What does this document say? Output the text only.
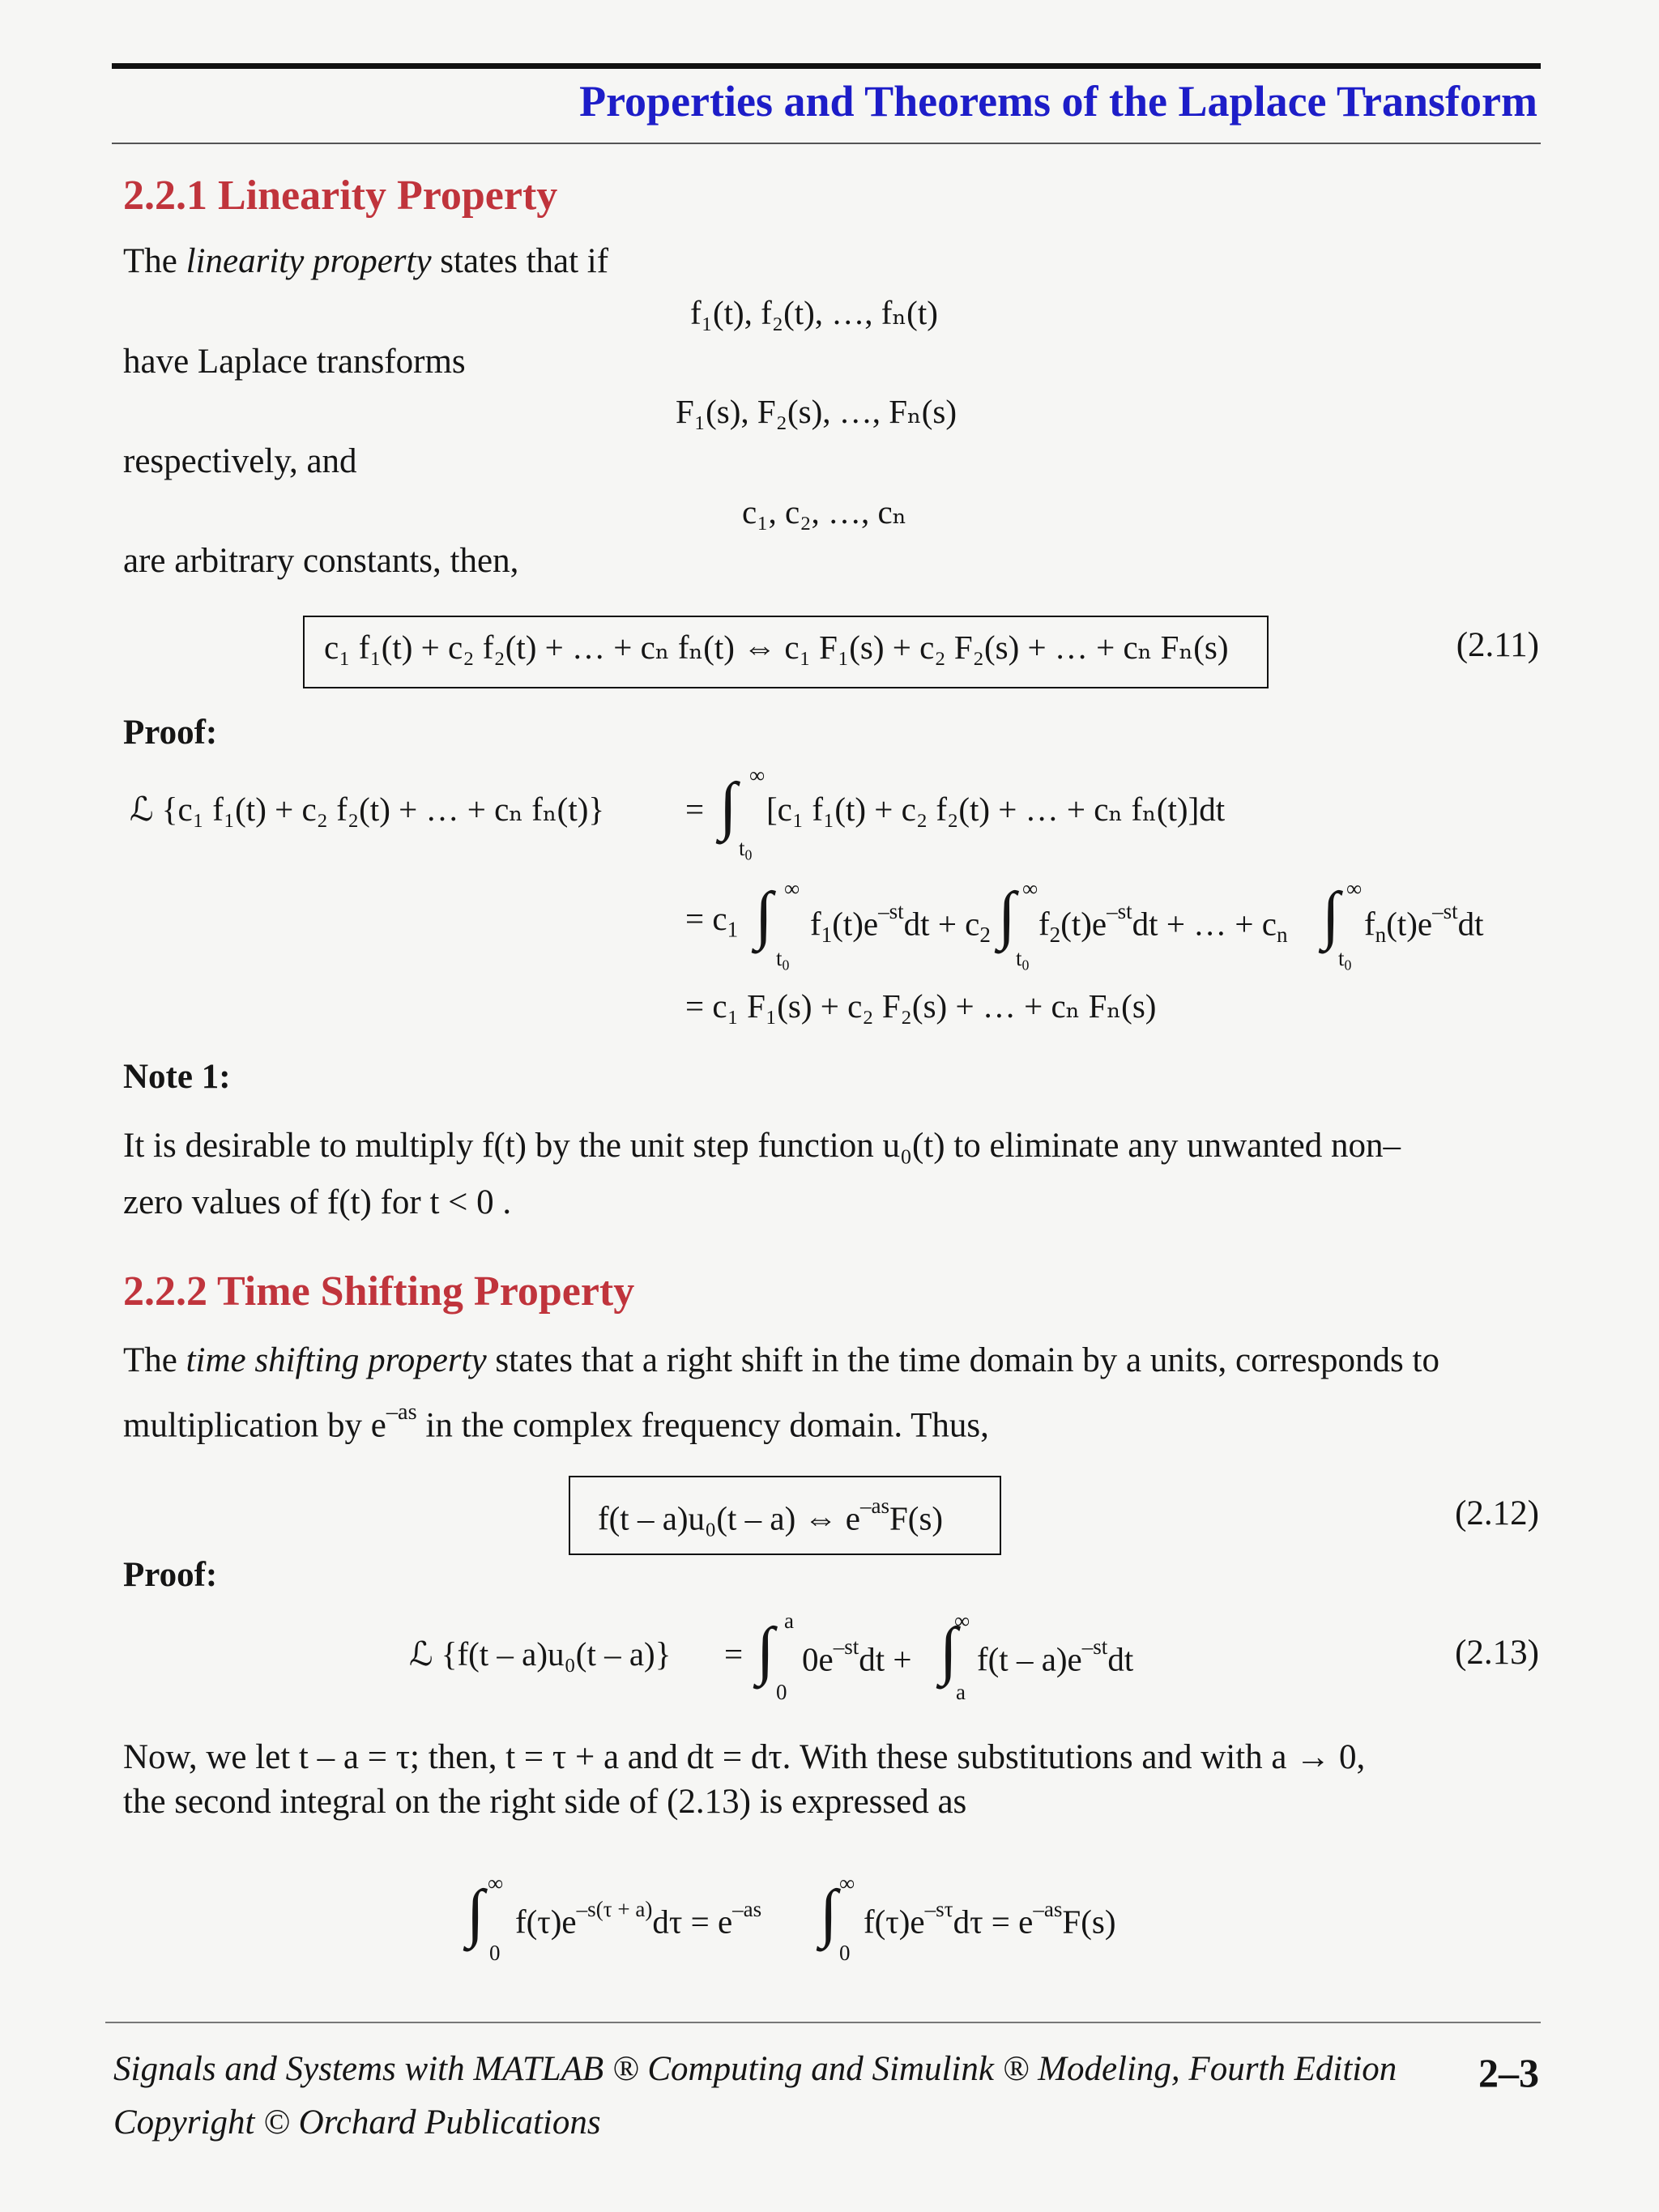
Properties and Theorems of the Laplace Transform
2.2.1 Linearity Property
The linearity property states that if
f₁(t), f₂(t), …, fₙ(t)
have Laplace transforms
F₁(s), F₂(s), …, Fₙ(s)
respectively, and
c₁, c₂, …, cₙ
are arbitrary constants, then,
c₁ f₁(t) + c₂ f₂(t) + … + cₙ fₙ(t) ⇔ c₁ F₁(s) + c₂ F₂(s) + … + cₙ Fₙ(s)	(2.11)
Proof:
ℒ {c₁ f₁(t) + c₂ f₂(t) + … + cₙ fₙ(t)} = ∫ ∞
$t_0$
[c₁ f₁(t) + c₂ f₂(t) + … + cₙ fₙ(t)]dt
= $c_1$ ∫ ∞
$t_0$
$f_1(t)e^{-st}dt + c_2$ ∫ ∞
$t_0$
$f_2(t)e^{-st}dt$ + … + $c_n$ ∫ ∞
$t_0$
$f_n(t)e^{-st}dt$
= c₁ F₁(s) + c₂ F₂(s) + … + cₙ Fₙ(s)
Note 1:
It is desirable to multiply f(t) by the unit step function u₀(t) to eliminate any unwanted non–
zero values of f(t) for t < 0 .
2.2.2 Time Shifting Property
The time shifting property states that a right shift in the time domain by a units, corresponds to
multiplication by $e^{-as}$ in the complex frequency domain. Thus,
f(t – a)u₀(t – a) ⇔ $e^{-as}F(s)$	(2.12)
Proof:
ℒ {f(t – a)u₀(t – a)} = ∫ a
0
$0e^{-st}dt$ + ∫
∞
a
$f(t - a)e^{-st}dt$	(2.13)
Now, we let t – a = τ; then, t = τ + a and dt = dτ. With these substitutions and with a → 0,
the second integral on the right side of (2.13) is expressed as
∫ ∞
0
$f(\tau)e^{-s(\tau + a)}d\tau = e^{-as}$ ∫ ∞
0
$f(\tau)e^{-s\tau}d\tau = e^{-as}F(s)$
Signals and Systems with MATLAB ® Computing and Simulink ® Modeling, Fourth Edition
Copyright © Orchard Publications
2–3
